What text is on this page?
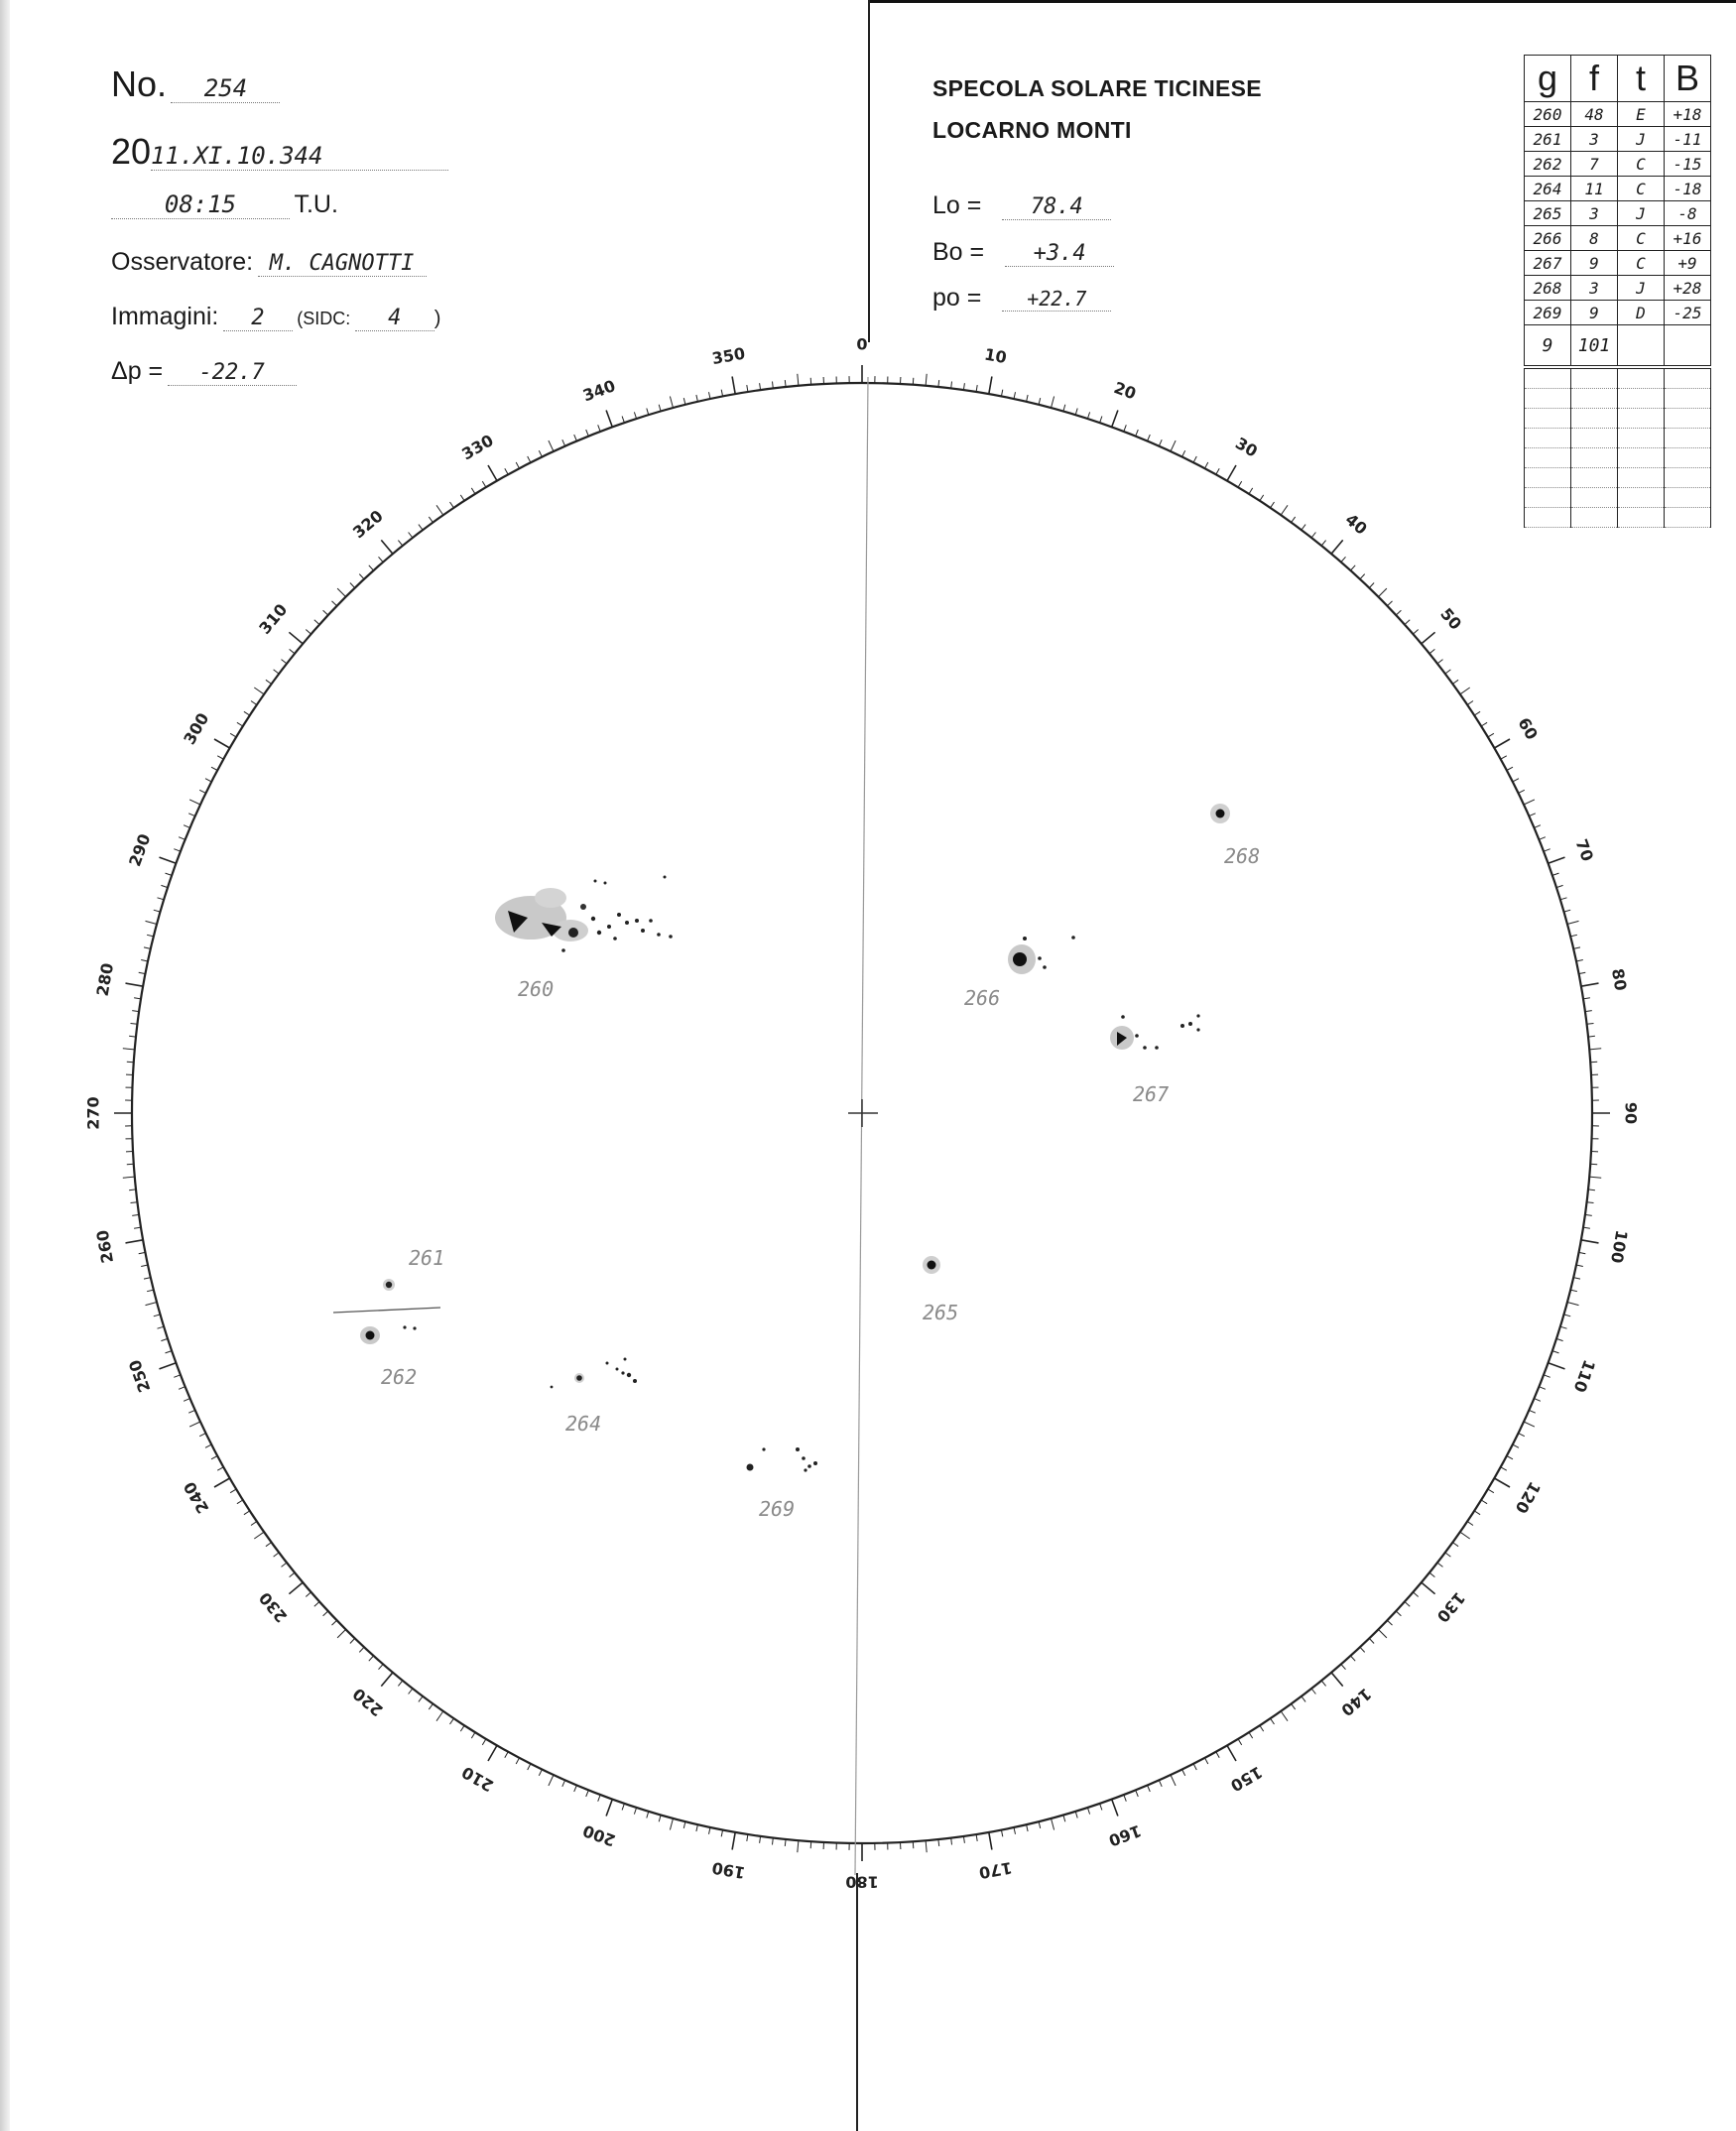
No. 254
2011.XI.10.344
08:15 T.U.
Osservatore: M. CAGNOTTI
Immagini: 2 (SIDC: 4 )
Δp = -22.7
SPECOLA SOLARE TICINESE
LOCARNO MONTI
Lo = 78.4
Bo = +3.4
po = +22.7
g	f	t	B
260	48	E	+18
261	3	J	-11
262	7	C	-15
264	11	C	-18
265	3	J	-8
266	8	C	+16
267	9	C	+9
268	3	J	+28
269	9	D	-25
9	101		

0
10
20
30
40
50
60
70
80
90
100
110
120
130
140
150
160
170
180
190
200
210
220
230
240
250
260
270
280
290
300
310
320
330
340
350
260
261
262
264
265
266
267
268
269
